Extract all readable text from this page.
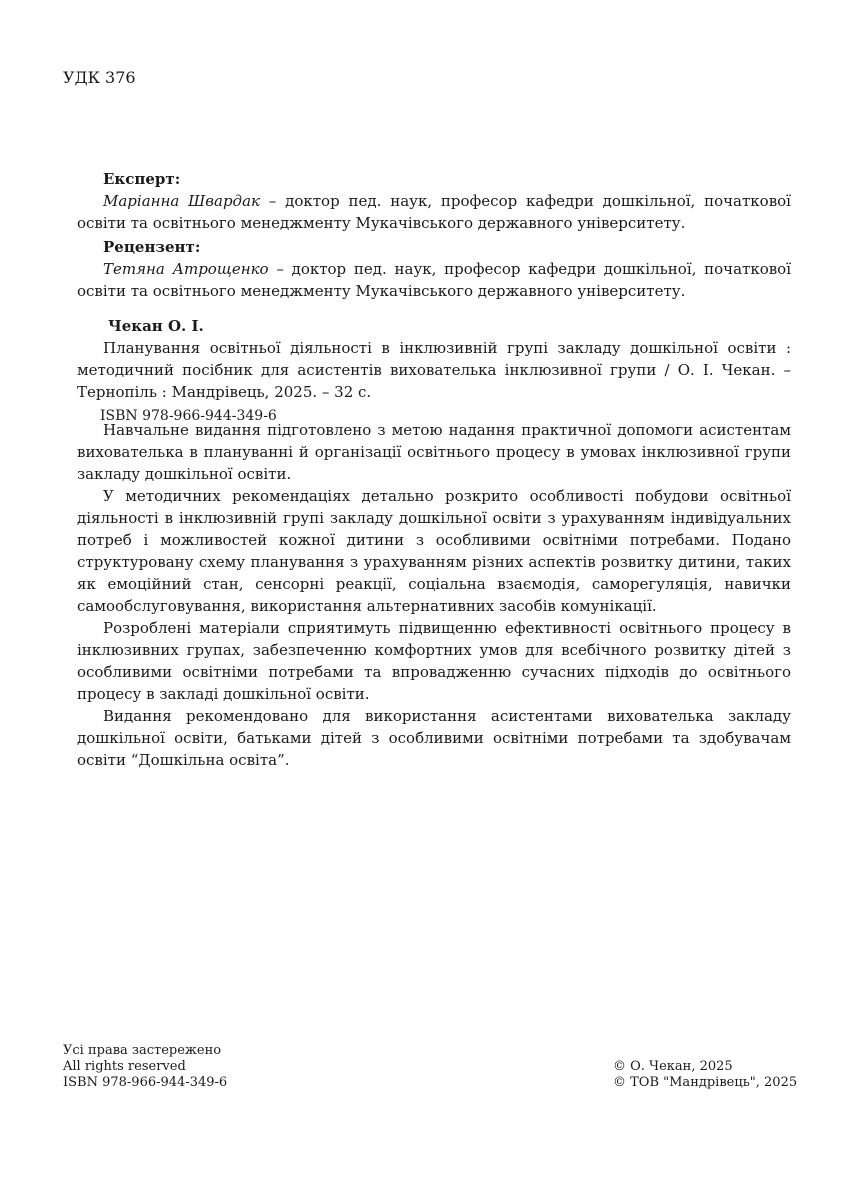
УДК 376
Експерт:
Маріанна Швардак – доктор пед. наук, професор кафедри дошкільної, початкової освіти та освітнього менеджменту Мукачівського державного університету.
Рецензент:
Тетяна Атрощенко – доктор пед. наук, професор кафедри дошкільної, початкової освіти та освітнього менеджменту Мукачівського державного університету.
Чекан О. І.
Планування освітньої діяльності в інклюзивній групі закладу дошкільної освіти : методичний посібник для асистентів вихователька інклюзивної групи / О. І. Чекан. – Тернопіль : Мандрівець, 2025. – 32 с.
ISBN 978-966-944-349-6

Навчальне видання підготовлено з метою надання практичної допомоги асистентам вихователька в плануванні й організації освітнього процесу в умовах інклюзивної групи закладу дошкільної освіти.

У методичних рекомендаціях детально розкрито особливості побудови освітньої діяльності в інклюзивній групі закладу дошкільної освіти з урахуванням індивідуальних потреб і можливостей кожної дитини з особливими освітніми потребами. Подано структуровану схему планування з урахуванням різних аспектів розвитку дитини, таких як емоційний стан, сенсорні реакції, соціальна взаємодія, саморегуляція, навички самообслуговування, використання альтернативних засобів комунікації.

Розроблені матеріали сприятимуть підвищенню ефективності освітнього процесу в інклюзивних групах, забезпеченню комфортних умов для всебічного розвитку дітей з особливими освітніми потребами та впровадженню сучасних підходів до освітнього процесу в закладі дошкільної освіти.

Видання рекомендовано для використання асистентами вихователька закладу дошкільної освіти, батьками дітей з особливими освітніми потребами та здобувачам освіти “Дошкільна освіта”.

Усі права застережено
All rights reserved
ISBN 978-966-944-349-6
© О. Чекан, 2025
© ТОВ "Мандрівець", 2025
